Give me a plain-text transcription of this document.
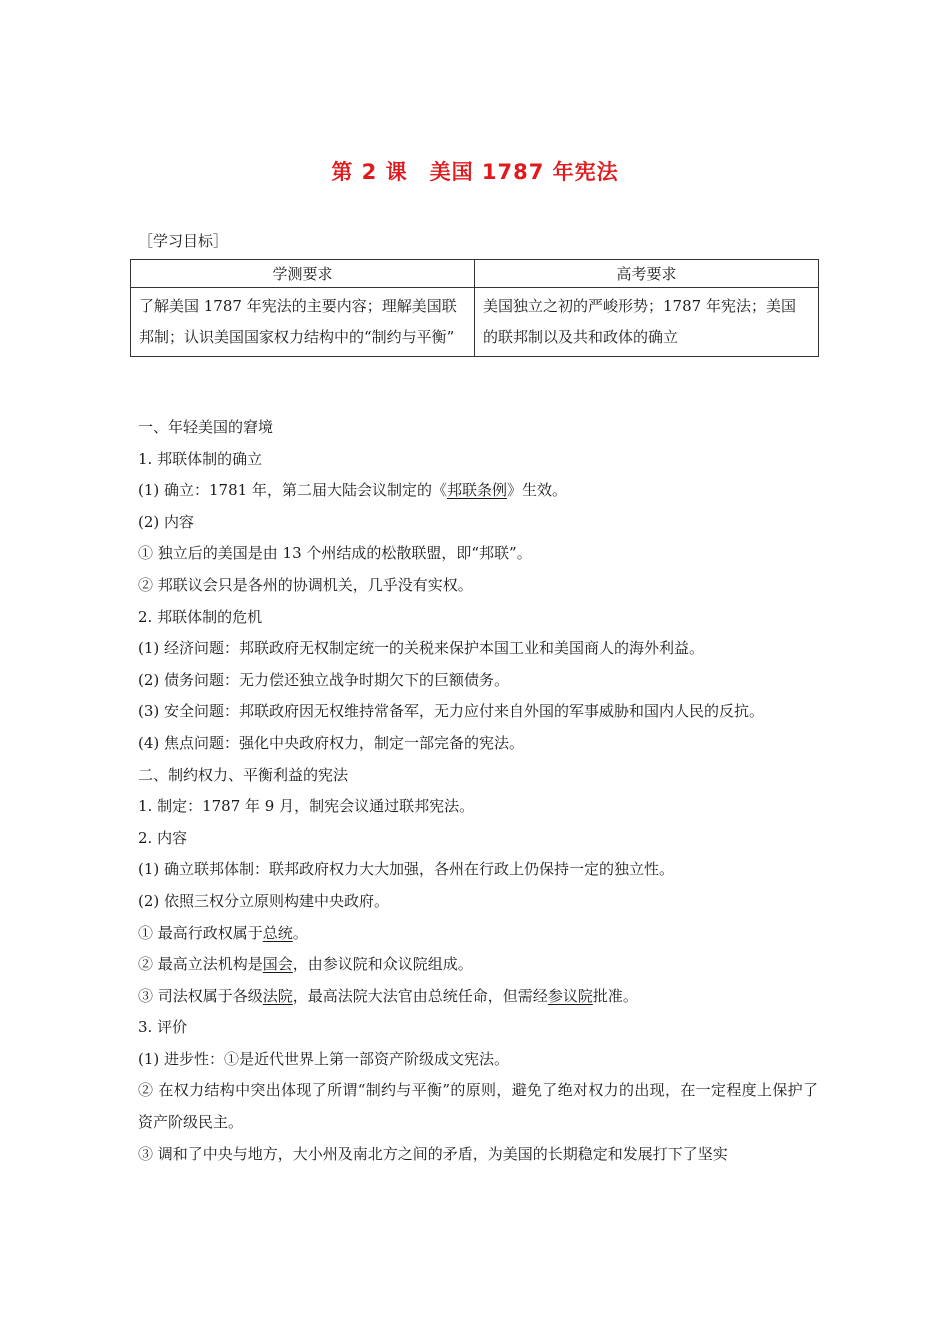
第 2 课 美国 1787 年宪法
［学习目标］
学测要求	高考要求
了解美国 1787 年宪法的主要内容；理解美国联邦制；认识美国国家权力结构中的“制约与平衡”	美国独立之初的严峻形势；1787 年宪法；美国的联邦制以及共和政体的确立

一、年轻美国的窘境

1. 邦联体制的确立

(1) 确立：1781 年，第二届大陆会议制定的《邦联条例》生效。

(2) 内容

① 独立后的美国是由 13 个州结成的松散联盟，即“邦联”。

② 邦联议会只是各州的协调机关，几乎没有实权。

2. 邦联体制的危机

(1) 经济问题：邦联政府无权制定统一的关税来保护本国工业和美国商人的海外利益。

(2) 债务问题：无力偿还独立战争时期欠下的巨额债务。

(3) 安全问题：邦联政府因无权维持常备军，无力应付来自外国的军事威胁和国内人民的反抗。

(4) 焦点问题：强化中央政府权力，制定一部完备的宪法。

二、制约权力、平衡利益的宪法

1. 制定：1787 年 9 月，制宪会议通过联邦宪法。

2. 内容

(1) 确立联邦体制：联邦政府权力大大加强，各州在行政上仍保持一定的独立性。

(2) 依照三权分立原则构建中央政府。

① 最高行政权属于总统。

② 最高立法机构是国会，由参议院和众议院组成。

③ 司法权属于各级法院，最高法院大法官由总统任命，但需经参议院批准。

3. 评价

(1) 进步性：①是近代世界上第一部资产阶级成文宪法。

② 在权力结构中突出体现了所谓“制约与平衡”的原则，避免了绝对权力的出现，在一定程度上保护了资产阶级民主。

③ 调和了中央与地方，大小州及南北方之间的矛盾，为美国的长期稳定和发展打下了坚实
